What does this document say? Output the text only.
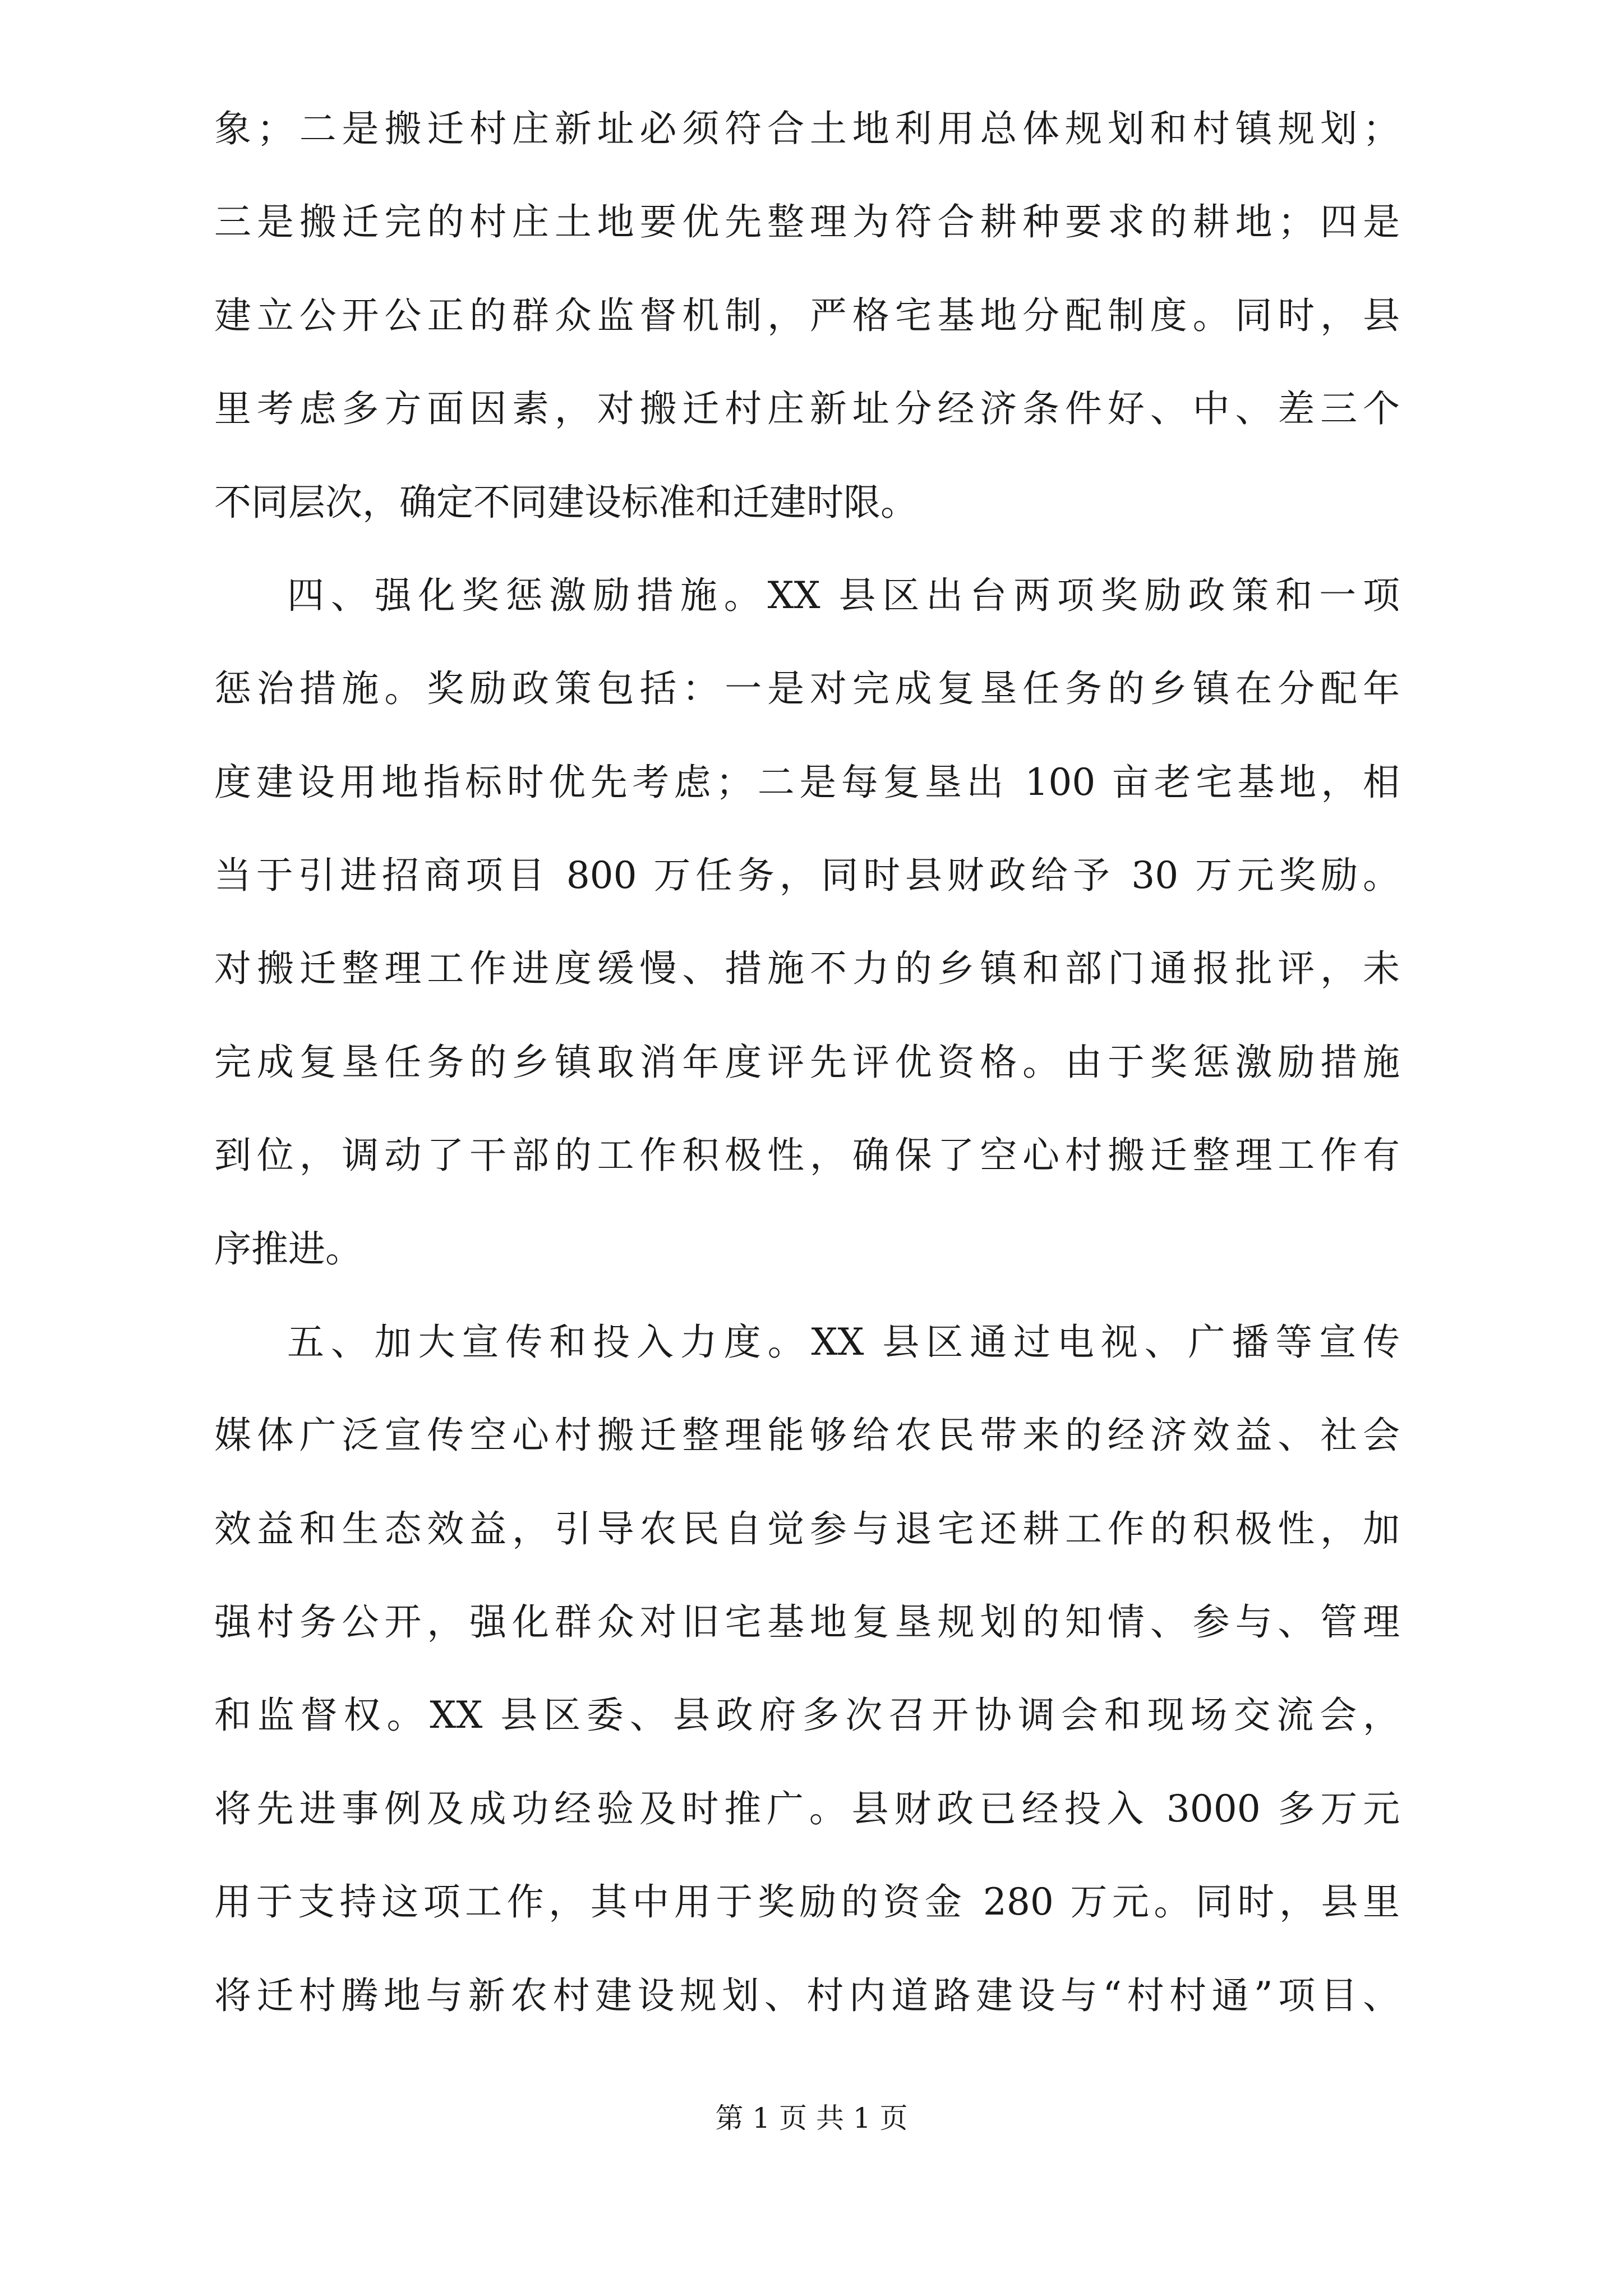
象；二是搬迁村庄新址必须符合土地利用总体规划和村镇规划；
三是搬迁完的村庄土地要优先整理为符合耕种要求的耕地；四是
建立公开公正的群众监督机制，严格宅基地分配制度。同时，县
里考虑多方面因素，对搬迁村庄新址分经济条件好、中、差三个
不同层次，确定不同建设标准和迁建时限。
四、强化奖惩激励措施。XX 县区出台两项奖励政策和一项
惩治措施。奖励政策包括：一是对完成复垦任务的乡镇在分配年
度建设用地指标时优先考虑；二是每复垦出 100 亩老宅基地，相
当于引进招商项目 800 万任务，同时县财政给予 30 万元奖励。
对搬迁整理工作进度缓慢、措施不力的乡镇和部门通报批评，未
完成复垦任务的乡镇取消年度评先评优资格。由于奖惩激励措施
到位，调动了干部的工作积极性，确保了空心村搬迁整理工作有
序推进。
五、加大宣传和投入力度。XX 县区通过电视、广播等宣传
媒体广泛宣传空心村搬迁整理能够给农民带来的经济效益、社会
效益和生态效益，引导农民自觉参与退宅还耕工作的积极性，加
强村务公开，强化群众对旧宅基地复垦规划的知情、参与、管理
和监督权。XX 县区委、县政府多次召开协调会和现场交流会，
将先进事例及成功经验及时推广。县财政已经投入 3000 多万元
用于支持这项工作，其中用于奖励的资金 280 万元。同时，县里
将迁村腾地与新农村建设规划、村内道路建设与“村村通”项目、
第 1 页 共 1 页
